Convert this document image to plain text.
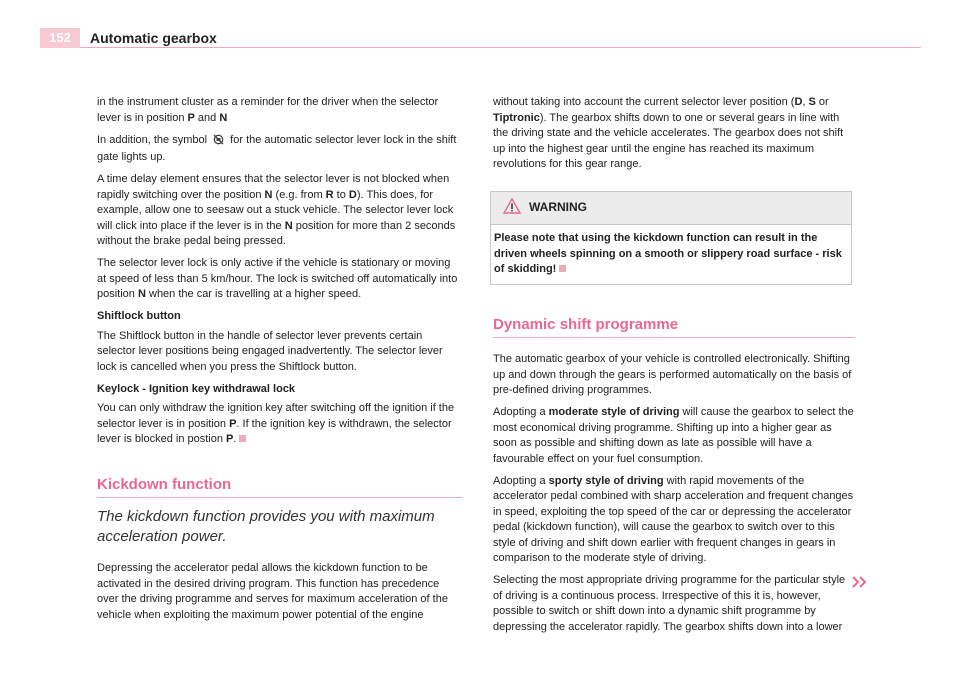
152	Automatic gearbox

in the instrument cluster as a reminder for the driver when the selector lever is in position P and N

In addition, the symbol  for the automatic selector lever lock in the shift gate lights up.

A time delay element ensures that the selector lever is not blocked when rapidly switching over the position N (e.g. from R to D). This does, for example, allow one to seesaw out a stuck vehicle. The selector lever lock will click into place if the lever is in the N position for more than 2 seconds without the brake pedal being pressed.

The selector lever lock is only active if the vehicle is stationary or moving at speed of less than 5 km/hour. The lock is switched off automatically into position N when the car is travelling at a higher speed.

Shiftlock button

The Shiftlock button in the handle of selector lever prevents certain selector lever positions being engaged inadvertently. The selector lever lock is cancelled when you press the Shiftlock button.

Keylock - Ignition key withdrawal lock

You can only withdraw the ignition key after switching off the ignition if the selector lever is in position P. If the ignition key is withdrawn, the selector lever is blocked in postion P.

Kickdown function

The kickdown function provides you with maximum acceleration power.

Depressing the accelerator pedal allows the kickdown function to be activated in the desired driving program. This function has precedence over the driving programme and serves for maximum acceleration of the vehicle when exploiting the maximum power potential of the engine

without taking into account the current selector lever position (D, S or Tiptronic). The gearbox shifts down to one or several gears in line with the driving state and the vehicle accelerates. The gearbox does not shift up into the highest gear until the engine has reached its maximum revolutions for this gear range.

WARNING
Please note that using the kickdown function can result in the driven wheels spinning on a smooth or slippery road surface - risk of skidding!
Dynamic shift programme

The automatic gearbox of your vehicle is controlled electronically. Shifting up and down through the gears is performed automatically on the basis of pre-defined driving programmes.

Adopting a moderate style of driving will cause the gearbox to select the most economical driving programme. Shifting up into a higher gear as soon as possible and shifting down as late as possible will have a favourable effect on your fuel consumption.

Adopting a sporty style of driving with rapid movements of the accelerator pedal combined with sharp acceleration and frequent changes in speed, exploiting the top speed of the car or depressing the accelerator pedal (kickdown function), will cause the gearbox to switch over to this style of driving and shift down earlier with frequent changes in gears in comparison to the moderate style of driving.

Selecting the most appropriate driving programme for the particular style of driving is a continuous process. Irrespective of this it is, however, possible to switch or shift down into a dynamic shift programme by depressing the accelerator rapidly. The gearbox shifts down into a lower
